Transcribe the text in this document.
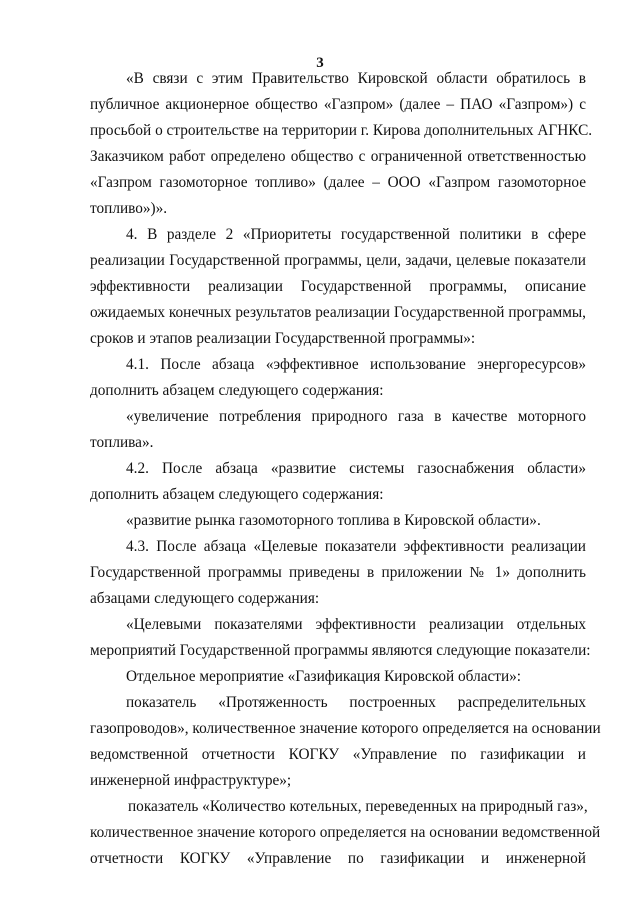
3
«В связи с этим Правительство Кировской области обратилось в
публичное акционерное общество «Газпром» (далее – ПАО «Газпром») с
просьбой о строительстве на территории г. Кирова дополнительных АГНКС.
Заказчиком работ определено общество с ограниченной ответственностью
«Газпром газомоторное топливо» (далее – ООО «Газпром газомоторное
топливо»)».
4. В разделе 2 «Приоритеты государственной политики в сфере
реализации Государственной программы, цели, задачи, целевые показатели
эффективности реализации Государственной программы, описание
ожидаемых конечных результатов реализации Государственной программы,
сроков и этапов реализации Государственной программы»:
4.1. После абзаца «эффективное использование энергоресурсов»
дополнить абзацем следующего содержания:
«увеличение потребления природного газа в качестве моторного
топлива».
4.2. После абзаца «развитие системы газоснабжения области»
дополнить абзацем следующего содержания:
«развитие рынка газомоторного топлива в Кировской области».
4.3. После абзаца «Целевые показатели эффективности реализации
Государственной программы приведены в приложении № 1» дополнить
абзацами следующего содержания:
«Целевыми показателями эффективности реализации отдельных
мероприятий Государственной программы являются следующие показатели:
Отдельное мероприятие «Газификация Кировской области»:
показатель «Протяженность построенных распределительных
газопроводов», количественное значение которого определяется на основании
ведомственной отчетности КОГКУ «Управление по газификации и
инженерной инфраструктуре»;
показатель «Количество котельных, переведенных на природный газ»,
количественное значение которого определяется на основании ведомственной
отчетности КОГКУ «Управление по газификации и инженерной
